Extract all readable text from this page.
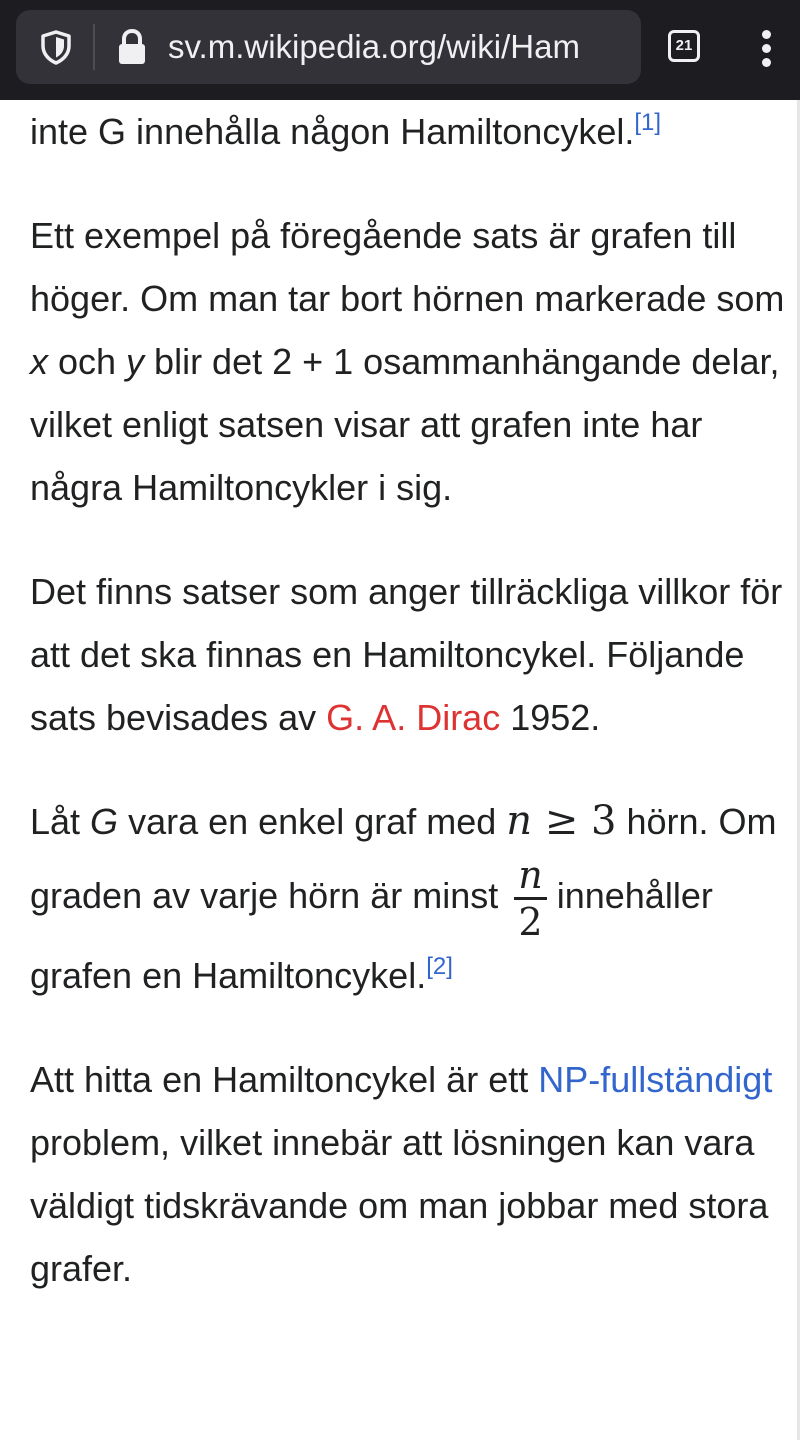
sv.m.wikipedia.org/wiki/Ham	21

inte G innehålla någon Hamiltoncykel.[1]

Ett exempel på föregående sats är grafen till höger. Om man tar bort hörnen markerade som x och y blir det 2 + 1 osammanhängande delar, vilket enligt satsen visar att grafen inte har några Hamiltoncykler i sig.

Det finns satser som anger tillräckliga villkor för att det ska finnas en Hamiltoncykel. Följande sats bevisades av G. A. Dirac 1952.

Låt G vara en enkel graf med n ≥ 3 hörn. Om graden av varje hörn är minst $\frac{n}{2}$ innehåller grafen en Hamiltoncykel.[2]

Att hitta en Hamiltoncykel är ett NP-fullständigt problem, vilket innebär att lösningen kan vara väldigt tidskrävande om man jobbar med stora grafer.
